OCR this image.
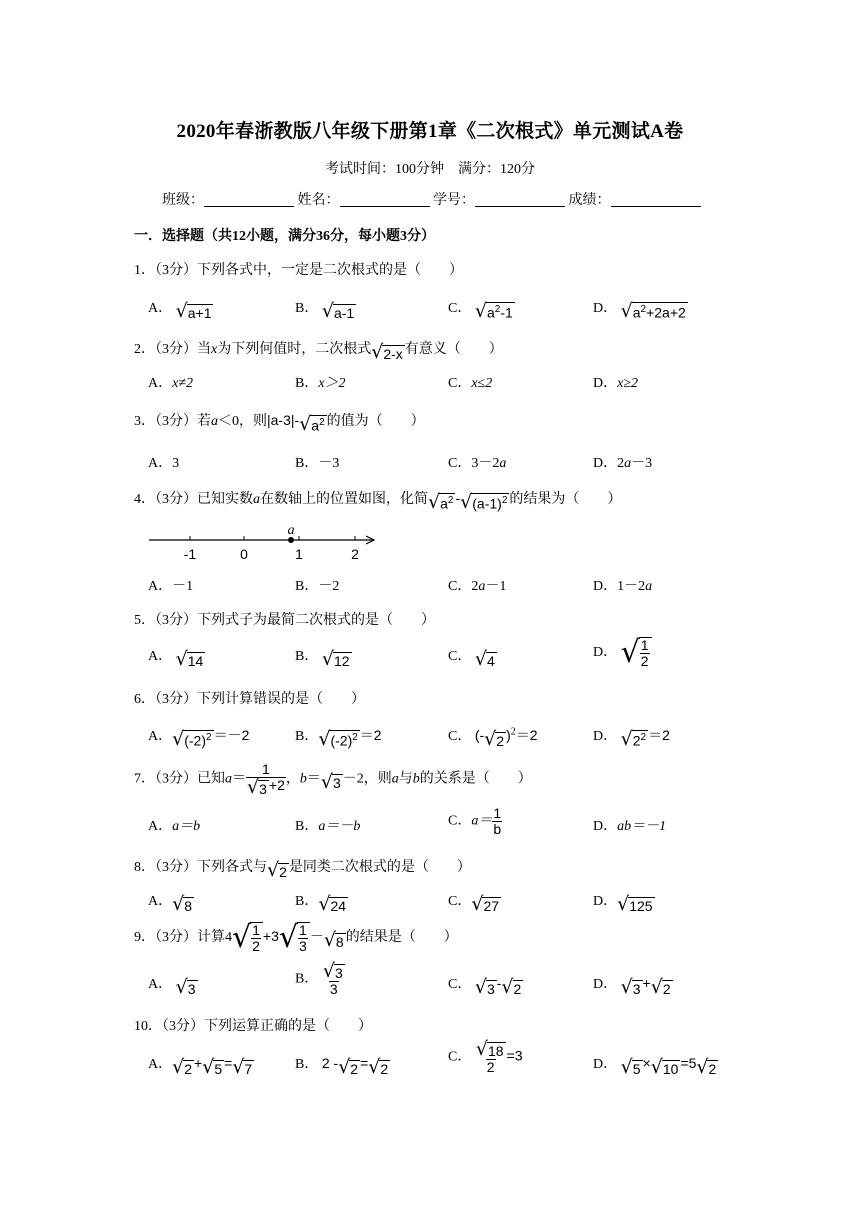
2020年春浙教版八年级下册第1章《二次根式》单元测试A卷
考试时间：100分钟　满分：120分
班级：	姓名：	学号：	成绩：
一．选择题（共12小题，满分36分，每小题3分）
1．（3分）下列各式中，一定是二次根式的是（　　）
A． √ a+1	B． √ a-1	C． √ $a^2-1$	D． √ $a^2+2a+2$
2．（3分）当x为下列何值时，二次根式 √ 2-x 有意义（　　）
A．x≠2	B．x＞2	C．x≤2	D．x≥2
3．（3分）若a＜0，则|a-3|- √ $a^2$ 的值为（　　）
A．3	B．－3	C．3－2a	D．2a－3
4．（3分）已知实数a在数轴上的位置如图，化简 √ $a^2$ - √ $(a-1)^2$ 的结果为（　　）
a
-1	0	1	2
A．－1	B．－2	C．2a－1	D．1－2a
5．（3分）下列式子为最简二次根式的是（　　）
A． √ 14	B． √ 12	C． √ 4
D． √ $\frac{1}{2}$
6．（3分）下列计算错误的是（　　）
A． √ $(-2)^2 =-2$	B． √ $(-2)^2 =2$	C． (- √ 2 )$^2$＝2	D． √ $2^2 =2$
7．（3分）已知$a= \frac{1}{√ 3 +2}$ ，b＝ √ 3 －2，则a与b的关系是（　　）
A．a＝b	B．a＝－b	C．$a= \frac{1}{b}$	D．ab＝－1
8．（3分）下列各式与 √ 2 是同类二次根式的是（　　）
A． √ 8	B． √ 24	C． √ 27	D． √ 125
9．（3分）计算4 √ $\frac{1}{2} +3$ √ $\frac{1}{3}$ － √ 8 的结果是（　　）
A． √ 3
B． $\frac{√ 3}{3}$	C． √ 3 - √ 2	D． √ 3 + √ 2
10．（3分）下列运算正确的是（　　）
A． √ 2 + √ 5 = √ 7	B． 2 - √ 2 = √ 2
C． $\frac{√ 18}{2} =3$
D． √ 5 × √ 10 =5 √ 2
